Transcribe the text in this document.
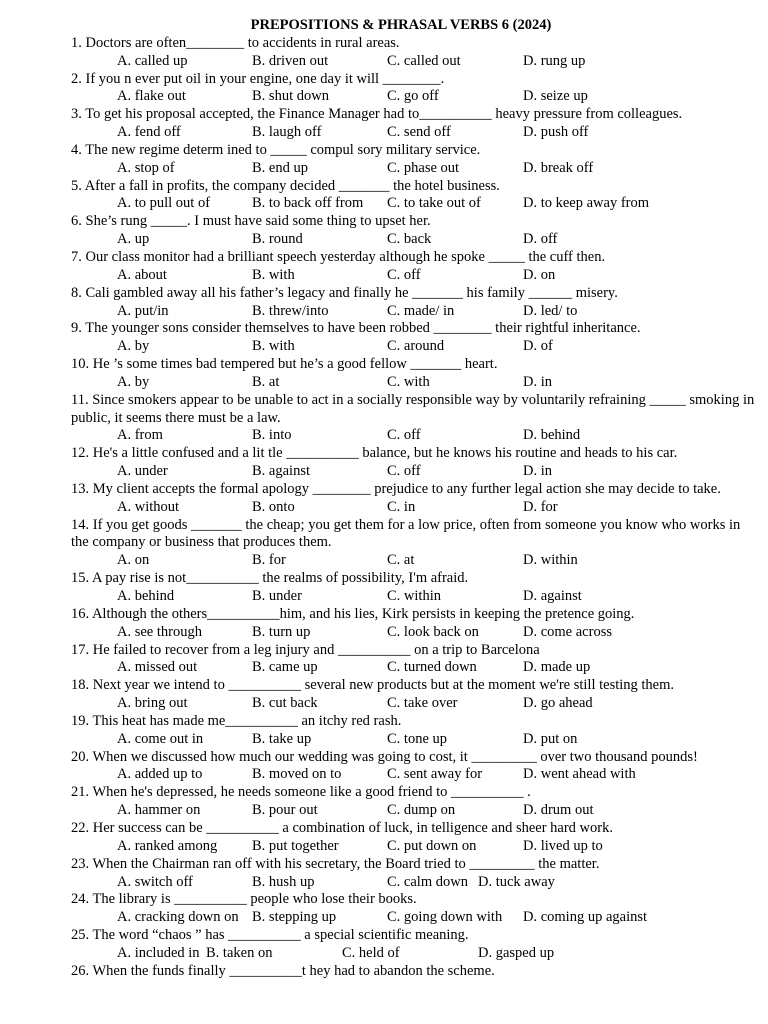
PREPOSITIONS & PHRASAL VERBS 6 (2024)
1. Doctors are often________ to accidents in rural areas.
A. called up	B. driven out	C. called out	D. rung up
2. If you n ever put oil in your engine, one day it will ________.
A. flake out	B. shut down	C. go off	D. seize up
3. To get his proposal accepted, the Finance Manager had to__________ heavy pressure from colleagues.
A. fend off	B. laugh off	C. send off	D. push off
4. The new regime determ ined to _____ compul sory military service.
A. stop of	B. end up	C. phase out	D. break off
5. After a fall in profits, the company decided _______ the hotel business.
A. to pull out of	B. to back off from C. to take out of	D. to keep away from
6. She’s rung _____. I must have said some thing to upset her.
A. up	B. round	C. back	D. off
7. Our class monitor had a brilliant speech yesterday although he spoke _____ the cuff then.
A. about	B. with	C. off	D. on
8. Cali gambled away all his father’s legacy and finally he _______ his family ______ misery.
A. put/in	B. threw/into	C. made/ in	D. led/ to
9. The younger sons consider themselves to have been robbed ________ their rightful inheritance.
A. by	B. with	C. around	D. of
10. He ’s some times bad tempered but he’s a good fellow _______ heart.
A. by	B. at	C. with	D. in
11. Since smokers appear to be unable to act in a socially responsible way by voluntarily refraining _____ smoking in public, it seems there must be a law.
A. from	B. into	C. off	D. behind
12. He's a little confused and a lit tle __________ balance, but he knows his routine and heads to his car.
A. under	B. against	C. off	D. in
13. My client accepts the formal apology ________ prejudice to any further legal action she may decide to take.
A. without	B. onto	C. in	D. for
14. If you get goods _______ the cheap; you get them for a low price, often from someone you know who works in the company or business that produces them.
A. on	B. for	C. at	D. within
15. A pay rise is not__________ the realms of possibility, I'm afraid.
A. behind	B. under	C. within	D. against
16. Although the others__________him, and his lies, Kirk persists in keeping the pretence going.
A. see through	B. turn up	C. look back on	D. come across
17. He failed to recover from a leg injury and __________ on a trip to Barcelona
A. missed out	B. came up	C. turned down	D. made up
18. Next year we intend to __________ several new products but at the moment we're still testing them.
A. bring out	B. cut back	C. take over	D. go ahead
19. This heat has made me__________ an itchy red rash.
A. come out in	B. take up	C. tone up	D. put on
20. When we discussed how much our wedding was going to cost, it _________ over two thousand pounds!
A. added up to	B. moved on to	C. sent away for	D. went ahead with
21. When he's depressed, he needs someone like a good friend to __________ .
A. hammer on	B. pour out	C. dump on	D. drum out
22. Her success can be __________ a combination of luck, in telligence and sheer hard work.
A. ranked among B. put together	C. put down on	D. lived up to
23. When the Chairman ran off with his secretary, the Board tried to _________ the matter.
A. switch off	B. hush up	C. calm down D. tuck away
24. The library is __________ people who lose their books.
A. cracking down on B. stepping up	C. going down with D. coming up against
25. The word “chaos ” has __________ a special scientific meaning.
A. included in B. taken on	C. held of	D. gasped up
26. When the funds finally __________t hey had to abandon the scheme.
